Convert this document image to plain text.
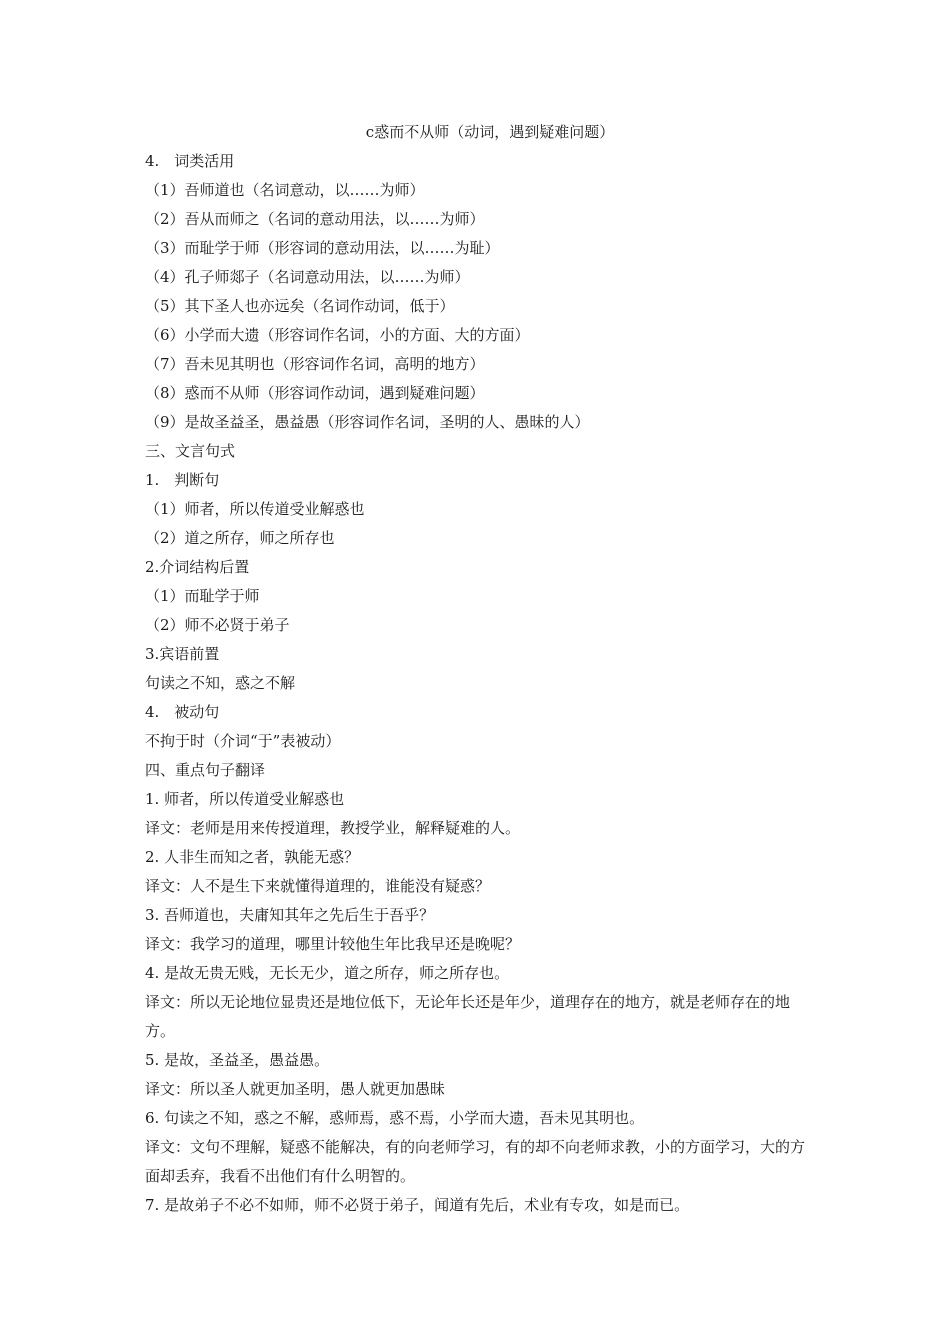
c惑而不从师（动词，遇到疑难问题）
4.　词类活用
（1）吾师道也（名词意动，以……为师）
（2）吾从而师之（名词的意动用法，以……为师）
（3）而耻学于师（形容词的意动用法，以……为耻）
（4）孔子师郯子（名词意动用法，以……为师）
（5）其下圣人也亦远矣（名词作动词，低于）
（6）小学而大遗（形容词作名词，小的方面、大的方面）
（7）吾未见其明也（形容词作名词，高明的地方）
（8）惑而不从师（形容词作动词，遇到疑难问题）
（9）是故圣益圣，愚益愚（形容词作名词，圣明的人、愚昧的人）
三、文言句式
1.　判断句
（1）师者，所以传道受业解惑也
（2）道之所存，师之所存也
2.介词结构后置
（1）而耻学于师
（2）师不必贤于弟子
3.宾语前置
句读之不知，惑之不解
4.　被动句
不拘于时（介词“于”表被动）
四、重点句子翻译
1. 师者，所以传道受业解惑也
译文：老师是用来传授道理，教授学业，解释疑难的人。
2. 人非生而知之者，孰能无惑？
译文：人不是生下来就懂得道理的，谁能没有疑惑？
3. 吾师道也，夫庸知其年之先后生于吾乎？
译文：我学习的道理，哪里计较他生年比我早还是晚呢？
4. 是故无贵无贱，无长无少，道之所存，师之所存也。
译文：所以无论地位显贵还是地位低下，无论年长还是年少，道理存在的地方，就是老师存在的地方。
5. 是故，圣益圣，愚益愚。
译文：所以圣人就更加圣明，愚人就更加愚昧
6. 句读之不知，惑之不解，惑师焉，惑不焉，小学而大遗，吾未见其明也。
译文：文句不理解，疑惑不能解决，有的向老师学习，有的却不向老师求教，小的方面学习，大的方面却丢弃，我看不出他们有什么明智的。
7. 是故弟子不必不如师，师不必贤于弟子，闻道有先后，术业有专攻，如是而已。
